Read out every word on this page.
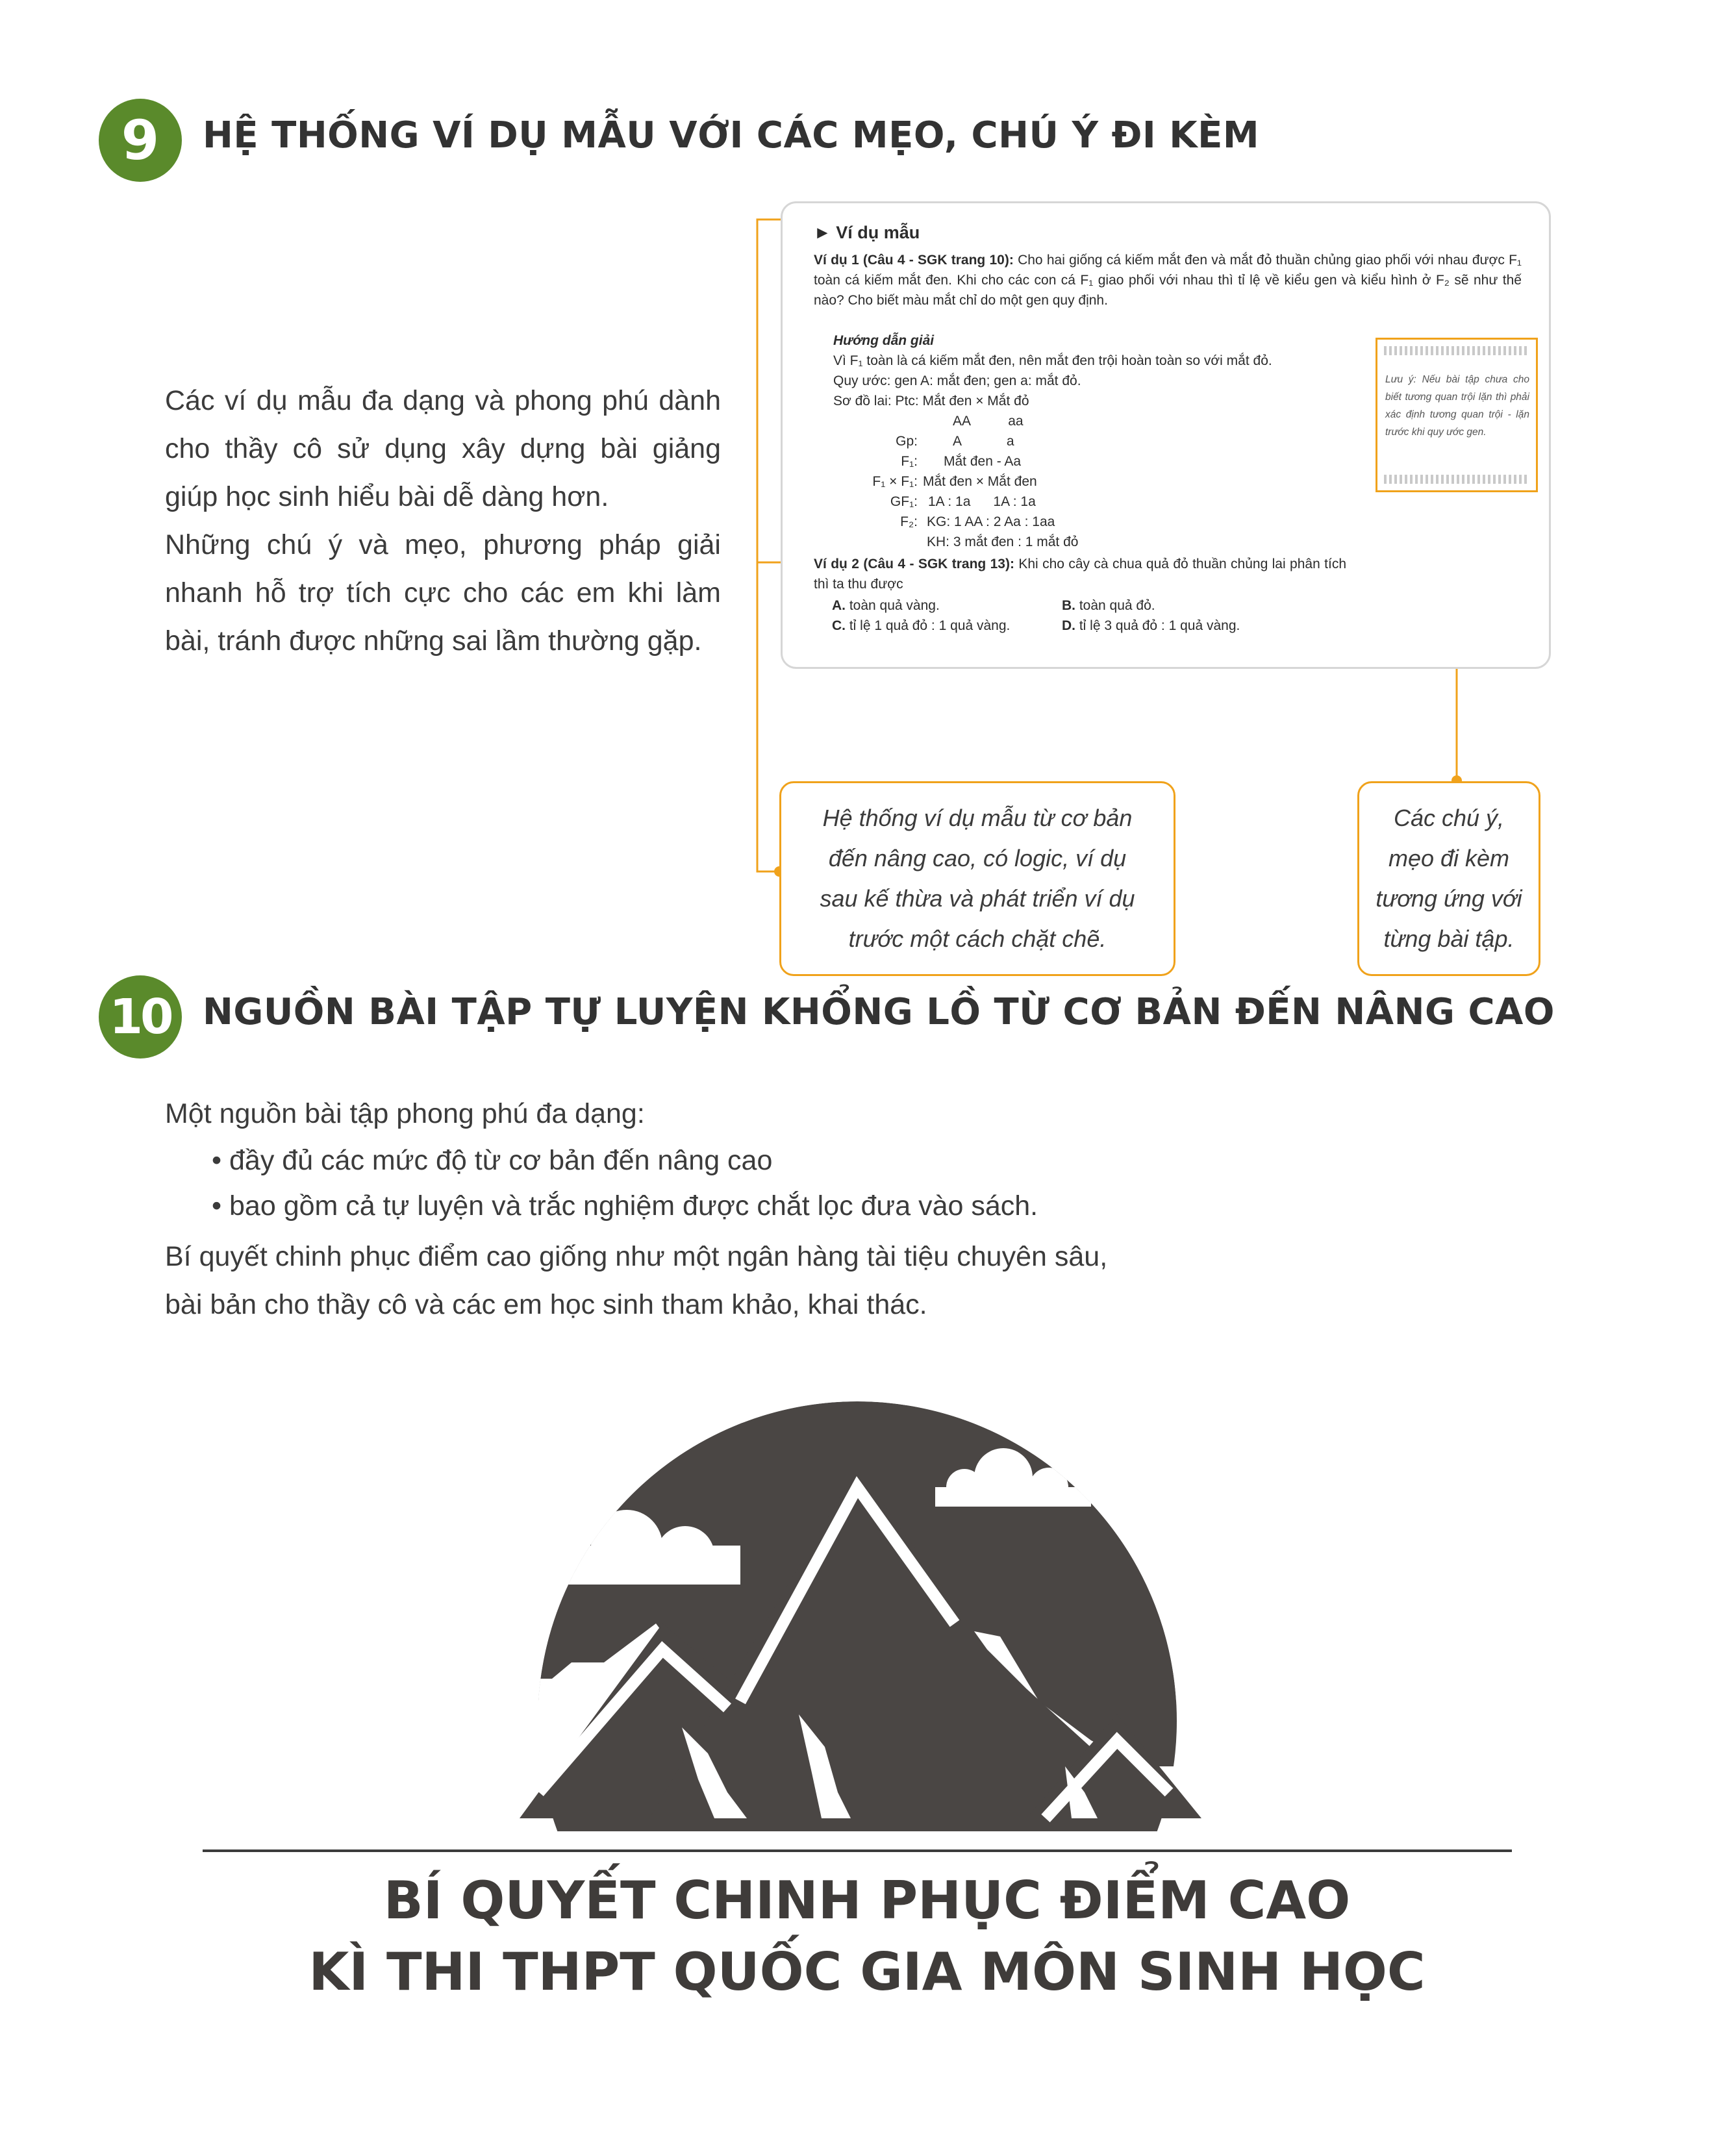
9 HỆ THỐNG VÍ DỤ MẪU VỚI CÁC MẸO, CHÚ Ý ĐI KÈM

Các ví dụ mẫu đa dạng và phong phú dành

cho thầy cô sử dụng xây dựng bài giảng

giúp học sinh hiểu bài dễ dàng hơn.

Những chú ý và mẹo, phương pháp giải

nhanh hỗ trợ tích cực cho các em khi làm

bài, tránh được những sai lầm thường gặp.

► Ví dụ mẫu
Ví dụ 1 (Câu 4 - SGK trang 10): Cho hai giống cá kiếm mắt đen và mắt đỏ thuần chủng giao phối với nhau được F₁ toàn cá kiếm mắt đen. Khi cho các con cá F₁ giao phối với nhau thì tỉ lệ về kiểu gen và kiểu hình ở F₂ sẽ như thế nào? Cho biết màu mắt chỉ do một gen quy định.
Hướng dẫn giải
Vì F₁ toàn là cá kiếm mắt đen, nên mắt đen trội hoàn toàn so với mắt đỏ.
Quy ước: gen A: mắt đen; gen a: mắt đỏ.
Sơ đồ lai: Ptc: Mắt đen × Mắt đỏ
AA          aa
Gp:	A            a
F₁: Mắt đen - Aa
F₁ × F₁: Mắt đen × Mắt đen
GF₁: 1A : 1a      1A : 1a
F₂: KG: 1 AA : 2 Aa : 1aa
KH: 3 mắt đen : 1 mắt đỏ
Ví dụ 2 (Câu 4 - SGK trang 13): Khi cho cây cà chua quả đỏ thuần chủng lai phân tích thì ta thu được
A. toàn quả vàng.	B. toàn quả đỏ.
C. tỉ lệ 1 quả đỏ : 1 quả vàng.	D. tỉ lệ 3 quả đỏ : 1 quả vàng.
Lưu ý: Nếu bài tập chưa cho biết tương quan trội lặn thì phải xác định tương quan trội - lặn trước khi quy ước gen.
Hệ thống ví dụ mẫu từ cơ bản
đến nâng cao, có logic, ví dụ
sau kế thừa và phát triển ví dụ
trước một cách chặt chẽ.
Các chú ý,
mẹo đi kèm
tương ứng với
từng bài tập.
10 NGUỒN BÀI TẬP TỰ LUYỆN KHỔNG LỒ TỪ CƠ BẢN ĐẾN NÂNG CAO
Một nguồn bài tập phong phú đa dạng:
• đầy đủ các mức độ từ cơ bản đến nâng cao
• bao gồm cả tự luyện và trắc nghiệm được chắt lọc đưa vào sách.
Bí quyết chinh phục điểm cao giống như một ngân hàng tài tiệu chuyên sâu,
bài bản cho thầy cô và các em học sinh tham khảo, khai thác.
BÍ QUYẾT CHINH PHỤC ĐIỂM CAO
KÌ THI THPT QUỐC GIA MÔN SINH HỌC
